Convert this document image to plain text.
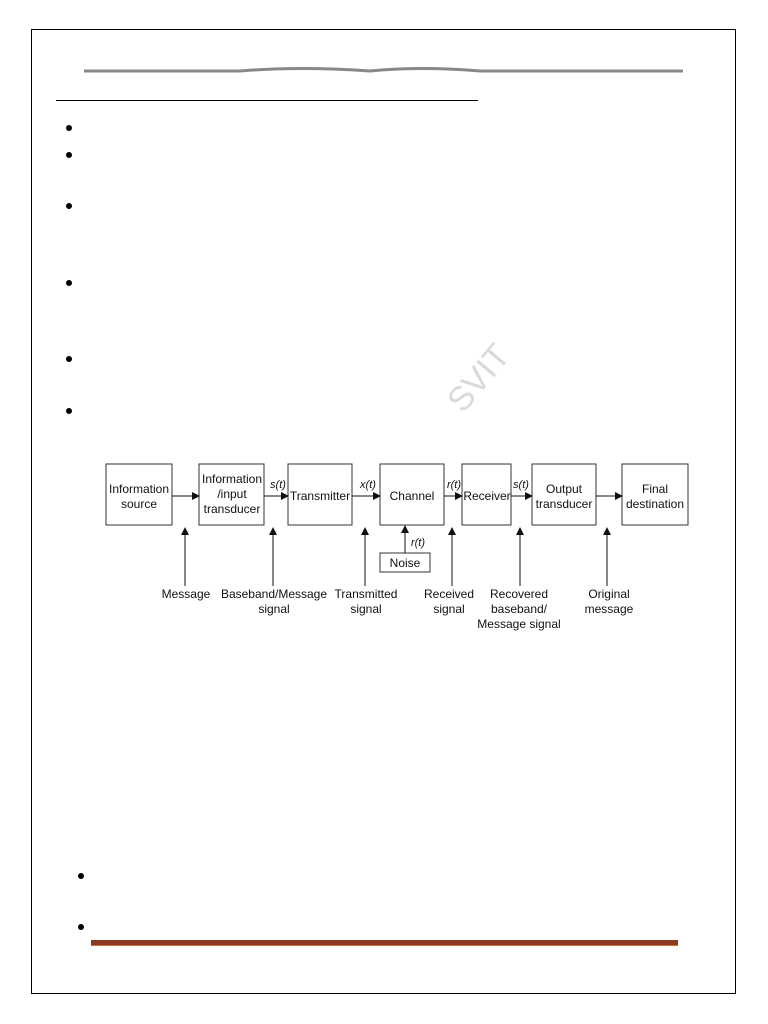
SVIT
Information
source
Information
/input
transducer
Transmitter	Channel Receiver	Output
transducer
Final
destination
Noise
s(t)	x(t)	r(t)	s(t)
r(t)
Message Baseband/Message
signal
Transmitted
signal
Received
signal
Recovered
baseband/
Message signal
Original
message
